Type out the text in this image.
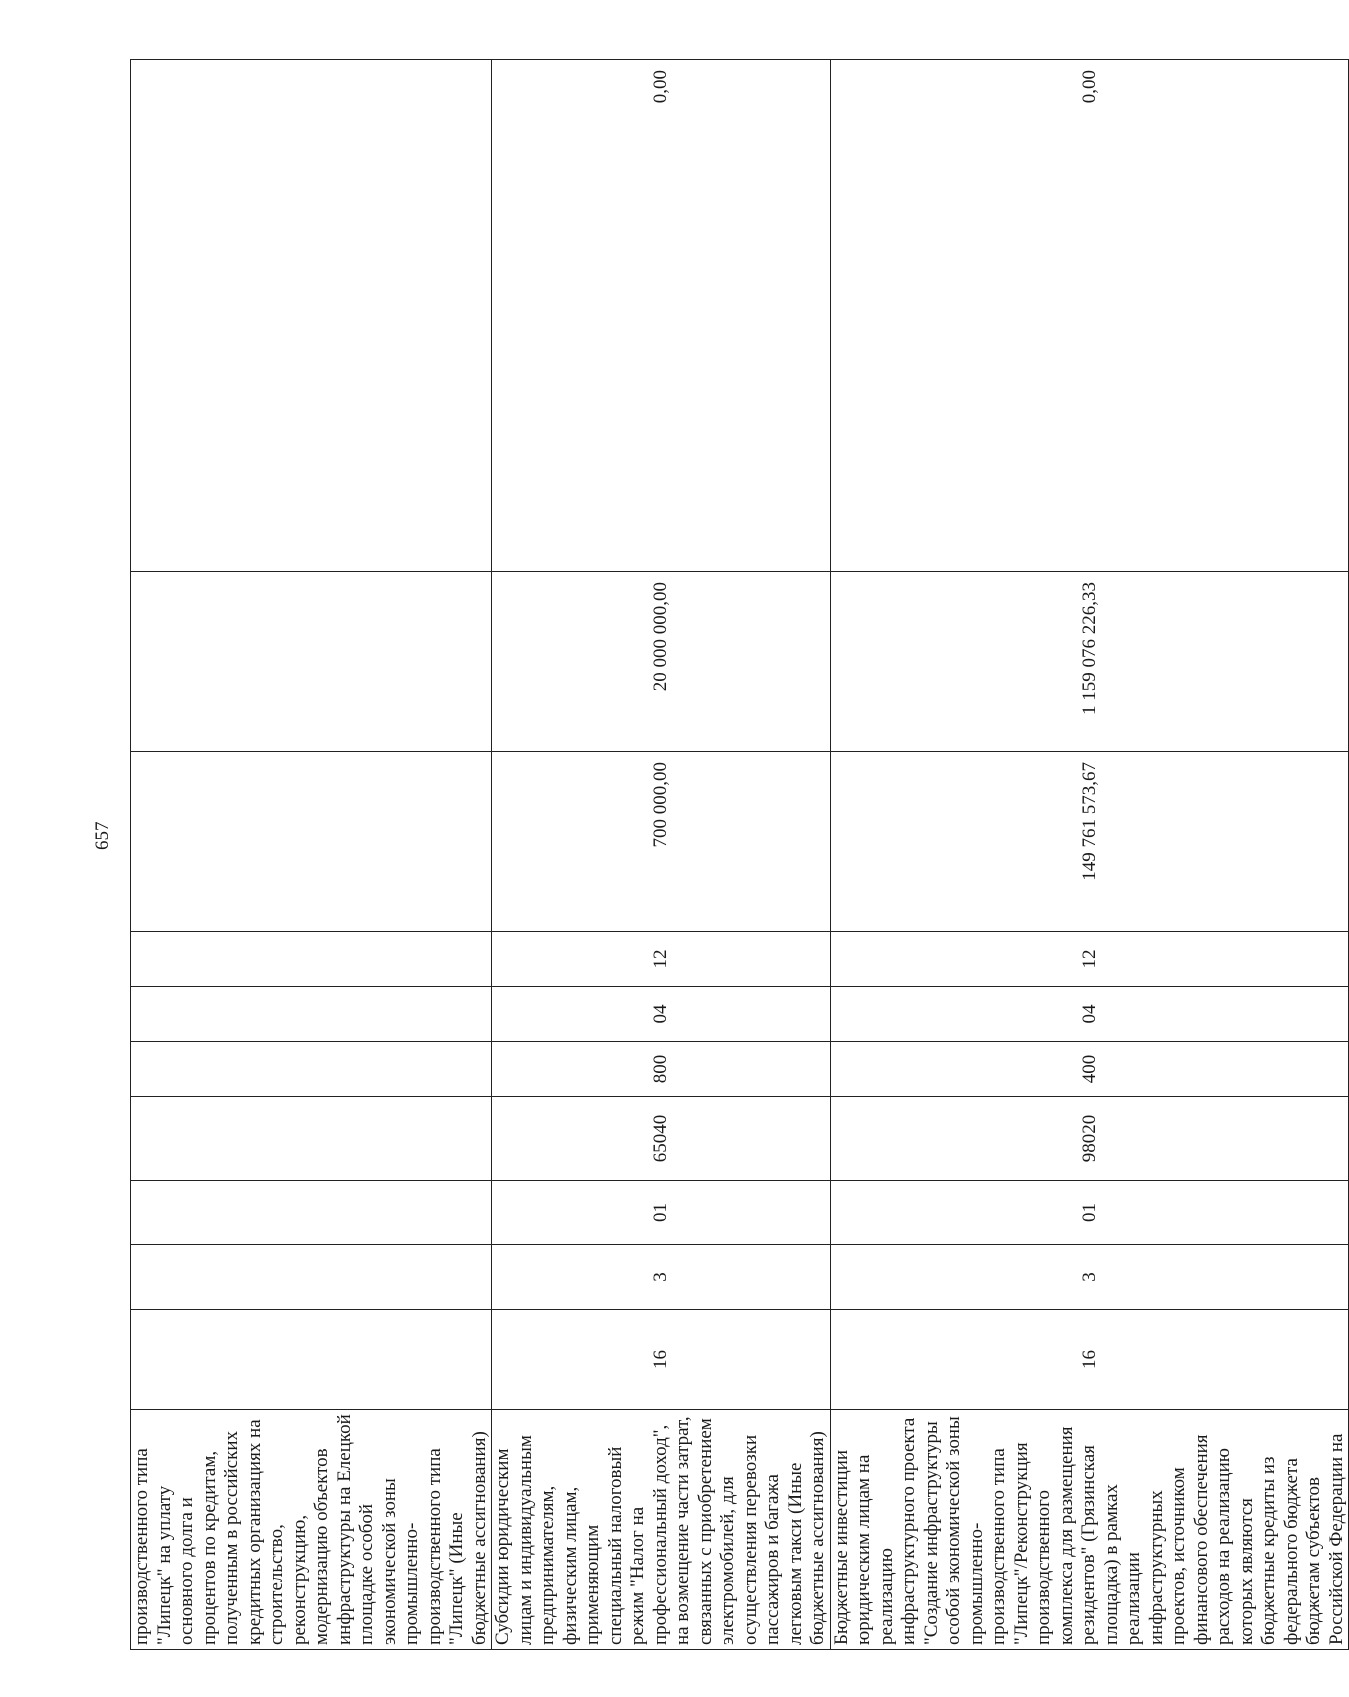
657
производственного типа "Липецк" на уплату основного долга и процентов по кредитам, полученным в российских кредитных организациях на строительство, реконструкцию, модернизацию объектов инфраструктуры на Елецкой площадке особой экономической зоны промышленно-производственного типа "Липецк" (Иные бюджетные ассигнования)										
Субсидии юридическим лицам и индивидуальным предпринимателям, физическим лицам, применяющим специальный налоговый режим "Налог на профессиональный доход", на возмещение части затрат, связанных с приобретением электромобилей, для осуществления перевозки пассажиров и багажа легковым такси (Иные бюджетные ассигнования)	16	3	01	65040	800	04	12	700 000,00	20 000 000,00	0,00
Бюджетные инвестиции юридическим лицам на реализацию инфраструктурного проекта "Создание инфраструктуры особой экономической зоны промышленно-производственного типа "Липецк"/Реконструкция производственного комплекса для размещения резидентов" (Грязинская площадка) в рамках реализации инфраструктурных проектов, источником финансового обеспечения расходов на реализацию которых являются бюджетные кредиты из федерального бюджета бюджетам субъектов Российской Федерации на	16	3	01	98020	400	04	12	149 761 573,67	1 159 076 226,33	0,00
